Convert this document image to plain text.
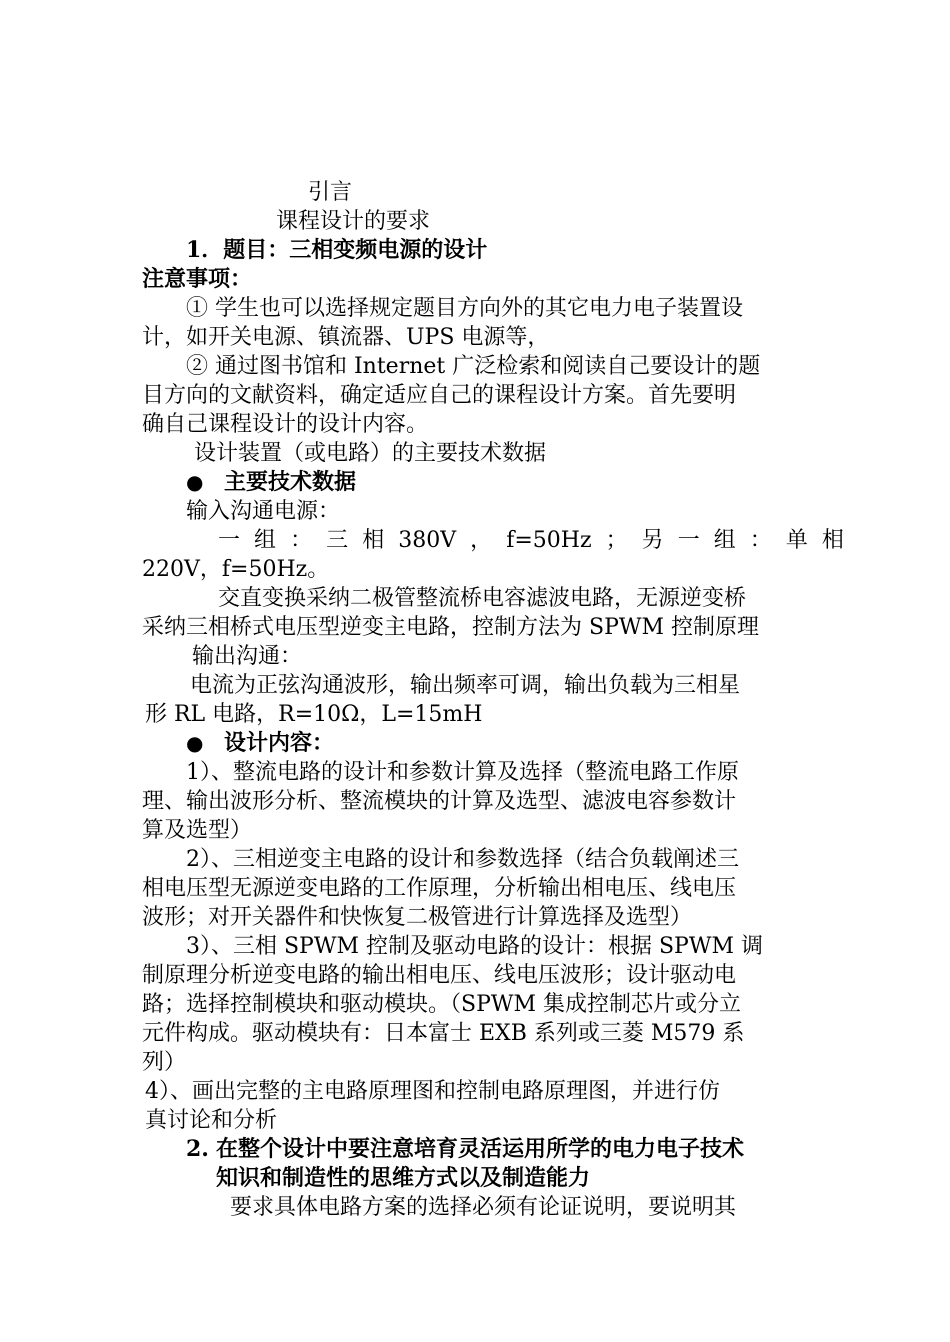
引言
课程设计的要求
1．题目：三相变频电源的设计
注意事项：
① 学生也可以选择规定题目方向外的其它电力电子装置设
计，如开关电源、镇流器、UPS 电源等，
② 通过图书馆和 Internet 广泛检索和阅读自己要设计的题
目方向的文献资料，确定适应自己的课程设计方案。首先要明
确自己课程设计的设计内容。
设计装置（或电路）的主要技术数据
● 主要技术数据
输入沟通电源：
一 组 ： 三 相 380V ， f=50Hz ； 另 一 组 ： 单 相
220V，f=50Hz。
交直变换采纳二极管整流桥电容滤波电路，无源逆变桥
采纳三相桥式电压型逆变主电路，控制方法为 SPWM 控制原理
输出沟通：
电流为正弦沟通波形，输出频率可调，输出负载为三相星
形 RL 电路，R=10Ω，L=15mH
● 设计内容：
1）、整流电路的设计和参数计算及选择（整流电路工作原
理、输出波形分析、整流模块的计算及选型、滤波电容参数计
算及选型）
2）、三相逆变主电路的设计和参数选择（结合负载阐述三
相电压型无源逆变电路的工作原理，分析输出相电压、线电压
波形；对开关器件和快恢复二极管进行计算选择及选型）
3）、三相 SPWM 控制及驱动电路的设计：根据 SPWM 调
制原理分析逆变电路的输出相电压、线电压波形；设计驱动电
路；选择控制模块和驱动模块。（SPWM 集成控制芯片或分立
元件构成。驱动模块有：日本富士 EXB 系列或三菱 M579 系
列）
4）、画出完整的主电路原理图和控制电路原理图，并进行仿
真讨论和分析
2. 在整个设计中要注意培育灵活运用所学的电力电子技术
知识和制造性的思维方式以及制造能力
要求具体电路方案的选择必须有论证说明，要说明其
